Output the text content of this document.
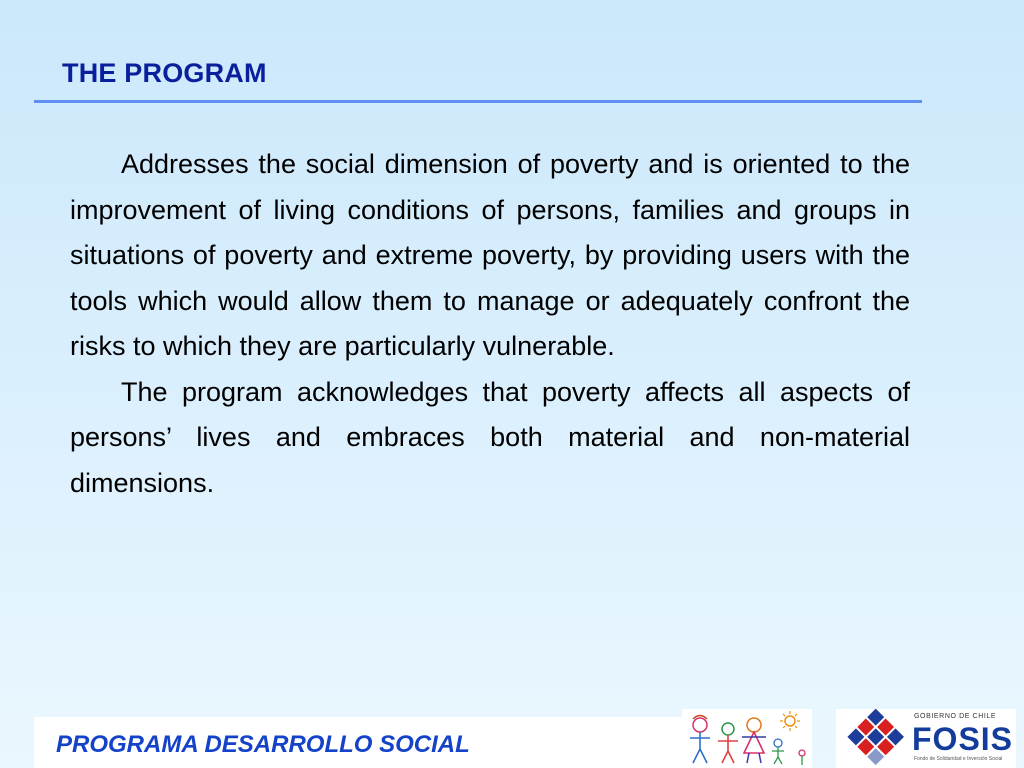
THE PROGRAM

Addresses the social dimension of poverty and is oriented to the improvement of living conditions of persons, families and groups in situations of poverty and extreme poverty, by providing users with the tools which would allow them to manage or adequately confront the risks to which they are particularly vulnerable.

The program acknowledges that poverty affects all aspects of persons’ lives and embraces both material and non-material dimensions.

PROGRAMA DESARROLLO SOCIAL
GOBIERNO DE CHILE
FOSIS
Fondo de Solidaridad e Inversión Social
